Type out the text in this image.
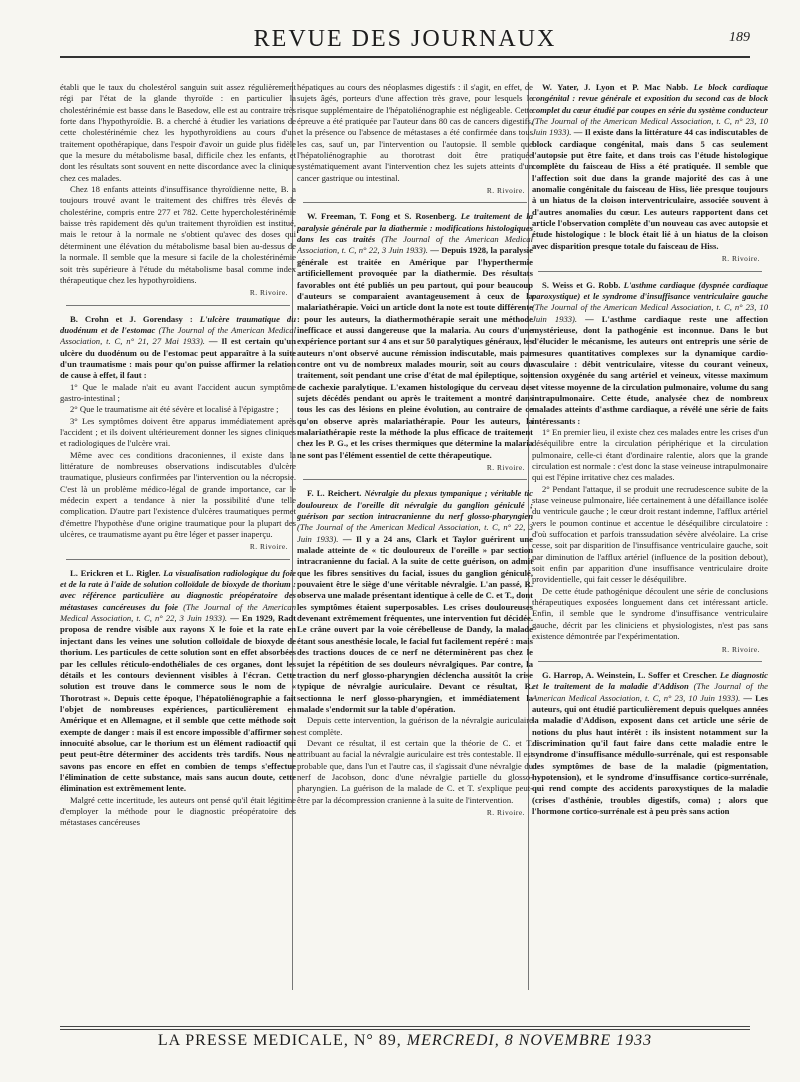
REVUE DES JOURNAUX	189

établi que le taux du cholestérol sanguin suit assez régulièrement régi par l'état de la glande thyroïde : en particulier la cholestérinémie est basse dans le Basedow, elle est au contraire très forte dans l'hypothyroïdie. B. a cherché à étudier les variations de cette cholestérinémie chez les hypothyroïdiens au cours d'un traitement opothérapique, dans l'espoir d'avoir un guide plus fidèle que la mesure du métabolisme basal, difficile chez les enfants, et dont les résultats sont souvent en nette discordance avec la clinique chez ces malades.

Chez 18 enfants atteints d'insuffisance thyroïdienne nette, B. a toujours trouvé avant le traitement des chiffres très élevés de cholestérine, compris entre 277 et 782. Cette hypercholestérinémie baisse très rapidement dès qu'un traitement thyroïdien est institué, mais le retour à la normale ne s'obtient qu'avec des doses qui déterminent une élévation du métabolisme basal bien au-dessus de la normale. Il semble que la mesure si facile de la cholestérinémie soit très supérieure à l'étude du métabolisme basal comme index thérapeutique chez les hypothyroïdiens.

R. Rivoire.

B. Crohn et J. Gorendasy : L'ulcère traumatique du duodénum et de l'estomac (The Journal of the American Medical Association, t. C, n° 21, 27 Mai 1933). — Il est certain qu'un ulcère du duodénum ou de l'estomac peut apparaître à la suite d'un traumatisme : mais pour qu'on puisse affirmer la relation de cause à effet, il faut :

1° Que le malade n'ait eu avant l'accident aucun symptôme gastro-intestinal ;

2° Que le traumatisme ait été sévère et localisé à l'épigastre ;

3° Les symptômes doivent être apparus immédiatement après l'accident ; et ils doivent ultérieurement donner les signes cliniques et radiologiques de l'ulcère vrai.

Même avec ces conditions draconiennes, il existe dans la littérature de nombreuses observations indiscutables d'ulcère traumatique, plusieurs confirmées par l'intervention ou la nécropsie. C'est là un problème médico-légal de grande importance, car le médecin expert a tendance à nier la possibilité d'une telle complication. D'autre part l'existence d'ulcères traumatiques permet d'émettre l'hypothèse d'une origine traumatique pour la plupart des ulcères, ce traumatisme ayant pu être léger et passer inaperçu.

R. Rivoire.

L. Erickren et L. Rigler. La visualisation radiologique du foie et de la rate à l'aide de solution colloïdale de bioxyde de thorium : avec référence particulière au diagnostic préopératoire des métastases cancéreuses du foie (The Journal of the American Medical Association, t. C, n° 22, 3 Juin 1933). — En 1929, Radt proposa de rendre visible aux rayons X le foie et la rate en injectant dans les veines une solution colloïdale de bioxyde de thorium. Les particules de cette solution sont en effet absorbées par les cellules réticulo-endothéliales de ces organes, dont les détails et les contours deviennent visibles à l'écran. Cette solution est trouve dans le commerce sous le nom de « Thorotrast ». Depuis cette époque, l'hépatoliénographie a fait l'objet de nombreuses expériences, particulièrement en Amérique et en Allemagne, et il semble que cette méthode soit exempte de danger : mais il est encore impossible d'affirmer son innocuité absolue, car le thorium est un élément radioactif qui peut peut-être déterminer des accidents très tardifs. Nous ne savons pas encore en effet en combien de temps s'effectue l'élimination de cette substance, mais sans aucun doute, cette élimination est extrêmement lente.

Malgré cette incertitude, les auteurs ont pensé qu'il était légitime d'employer la méthode pour le diagnostic préopératoire des métastases cancéreuses

hépatiques au cours des néoplasmes digestifs : il s'agit, en effet, de sujets âgés, porteurs d'une affection très grave, pour lesquels le risque supplémentaire de l'hépatoliénographie est négligeable. Cette épreuve a été pratiquée par l'auteur dans 80 cas de cancers digestifs, et la présence ou l'absence de métastases a été confirmée dans tous les cas, sauf un, par l'intervention ou l'autopsie. Il semble que l'hépatoliénographie au thorotrast doit être pratiquée systématiquement avant l'intervention chez les sujets atteints d'un cancer gastrique ou intestinal.

R. Rivoire.

W. Freeman, T. Fong et S. Rosenberg. Le traitement de la paralysie générale par la diathermie : modifications histologiques dans les cas traités (The Journal of the American Medical Association, t. C, n° 22, 3 Juin 1933). — Depuis 1928, la paralysie générale est traitée en Amérique par l'hyperthermie artificiellement provoquée par la diathermie. Des résultats favorables ont été publiés un peu partout, qui pour beaucoup d'auteurs se comparaient avantageusement à ceux de la malariathérapie. Voici un article dont la note est toute différente : pour les auteurs, la diathermothérapie serait une méthode inefficace et aussi dangereuse que la malaria. Au cours d'une expérience portant sur 4 ans et sur 50 paralytiques généraux, les auteurs n'ont observé aucune rémission indiscutable, mais par contre ont vu de nombreux malades mourir, soit au cours du traitement, soit pendant une crise d'état de mal épileptique, soit de cachexie paralytique. L'examen histologique du cerveau des sujets décédés pendant ou après le traitement a montré dans tous les cas des lésions en pleine évolution, au contraire de ce qu'on observe après malariathérapie. Pour les auteurs, la malariathérapie reste la méthode la plus efficace de traitement chez les P. G., et les crises thermiques que détermine la malaria ne sont pas l'élément essentiel de cette thérapeutique.

R. Rivoire.

F. L. Reichert. Névralgie du plexus tympanique ; véritable tic douloureux de l'oreille dit névralgie du ganglion géniculé ; guérison par section intracranienne du nerf glosso-pharyngien (The Journal of the American Medical Association, t. C, n° 22, 3 Juin 1933). — Il y a 24 ans, Clark et Taylor guérirent une malade atteinte de « tic douloureux de l'oreille » par section intracranienne du facial. A la suite de cette guérison, on admit que les fibres sensitives du facial, issues du ganglion géniculé, pouvaient être le siège d'une véritable névralgie. L'an passé, R. observa une malade présentant identique à celle de C. et T., dont les symptômes étaient superposables. Les crises douloureuses devenant extrêmement fréquentes, une intervention fut décidée. Le crâne ouvert par la voie cérébelleuse de Dandy, la malade étant sous anesthésie locale, le facial fut facilement repéré : mais des tractions douces de ce nerf ne déterminèrent pas chez le sujet la répétition de ses douleurs névralgiques. Par contre, la traction du nerf glosso-pharyngien déclencha aussitôt la crise typique de névralgie auriculaire. Devant ce résultat, R. sectionna le nerf glosso-pharyngien, et immédiatement la malade s'endormit sur la table d'opération.

Depuis cette intervention, la guérison de la névralgie auriculaire est complète.

Devant ce résultat, il est certain que la théorie de C. et T. attribuant au facial la névralgie auriculaire est très contestable. Il est probable que, dans l'un et l'autre cas, il s'agissait d'une névralgie du nerf de Jacobson, donc d'une névralgie partielle du glosso-pharyngien. La guérison de la malade de C. et T. s'explique peut-être par la décompression cranienne à la suite de l'intervention.

R. Rivoire.

W. Yater, J. Lyon et P. Mac Nabb. Le block cardiaque congénital : revue générale et exposition du second cas de block complet du cœur étudié par coupes en série du système conducteur (The Journal of the American Medical Association, t. C, n° 23, 10 Juin 1933). — Il existe dans la littérature 44 cas indiscutables de block cardiaque congénital, mais dans 5 cas seulement l'autopsie put être faite, et dans trois cas l'étude histologique complète du faisceau de Hiss a été pratiquée. Il semble que l'affection soit due dans la grande majorité des cas à une anomalie congénitale du faisceau de Hiss, liée presque toujours à un hiatus de la cloison interventriculaire, associée souvent à d'autres anomalies du cœur. Les auteurs rapportent dans cet article l'observation complète d'un nouveau cas avec autopsie et étude histologique : le block était lié à un hiatus de la cloison avec disparition presque totale du faisceau de Hiss.

R. Rivoire.

S. Weiss et G. Robb. L'asthme cardiaque (dyspnée cardiaque paroxystique) et le syndrome d'insuffisance ventriculaire gauche (The Journal of the American Medical Association, t. C, n° 23, 10 Juin 1933). — L'asthme cardiaque reste une affection mystérieuse, dont la pathogénie est inconnue. Dans le but d'élucider le mécanisme, les auteurs ont entrepris une série de mesures quantitatives complexes sur la dynamique cardio-vasculaire : débit ventriculaire, vitesse du courant veineux, tension oxygénée du sang artériel et veineux, vitesse maximum et vitesse moyenne de la circulation pulmonaire, volume du sang intrapulmonaire. Cette étude, analysée chez de nombreux malades atteints d'asthme cardiaque, a révélé une série de faits intéressants :

1° En premier lieu, il existe chez ces malades entre les crises d'un déséquilibre entre la circulation périphérique et la circulation pulmonaire, celle-ci étant d'ordinaire ralentie, alors que la grande circulation est normale : c'est donc la stase veineuse intrapulmonaire qui est l'épine irritative chez ces malades.

2° Pendant l'attaque, il se produit une recrudescence subite de la stase veineuse pulmonaire, liée certainement à une défaillance isolée du ventricule gauche ; le cœur droit restant indemne, l'afflux artériel vers le poumon continue et accentue le déséquilibre circulatoire : d'où suffocation et parfois transsudation sévère alvéolaire. La crise cesse, soit par disparition de l'insuffisance ventriculaire gauche, soit par diminution de l'afflux artériel (influence de la position debout), soit enfin par apparition d'une insuffisance ventriculaire droite providentielle, qui fait cesser le déséquilibre.

De cette étude pathogénique découlent une série de conclusions thérapeutiques exposées longuement dans cet intéressant article. Enfin, il semble que le syndrome d'insuffisance ventriculaire gauche, décrit par les cliniciens et physiologistes, n'est pas sans existence démontrée par l'expérimentation.

R. Rivoire.

G. Harrop, A. Weinstein, L. Soffer et Crescher. Le diagnostic et le traitement de la maladie d'Addison (The Journal of the American Medical Association, t. C, n° 23, 10 Juin 1933). — Les auteurs, qui ont étudié particulièrement depuis quelques années la maladie d'Addison, exposent dans cet article une série de notions du plus haut intérêt : ils insistent notamment sur la discrimination qu'il faut faire dans cette maladie entre le syndrome d'insuffisance médullo-surrénale, qui est responsable des symptômes de base de la maladie (pigmentation, hypotension), et le syndrome d'insuffisance cortico-surrénale, qui rend compte des accidents paroxystiques de la maladie (crises d'asthénie, troubles digestifs, coma) ; alors que l'hormone cortico-surrénale est à peu près sans action

LA PRESSE MEDICALE, N° 89, MERCREDI, 8 NOVEMBRE 1933
